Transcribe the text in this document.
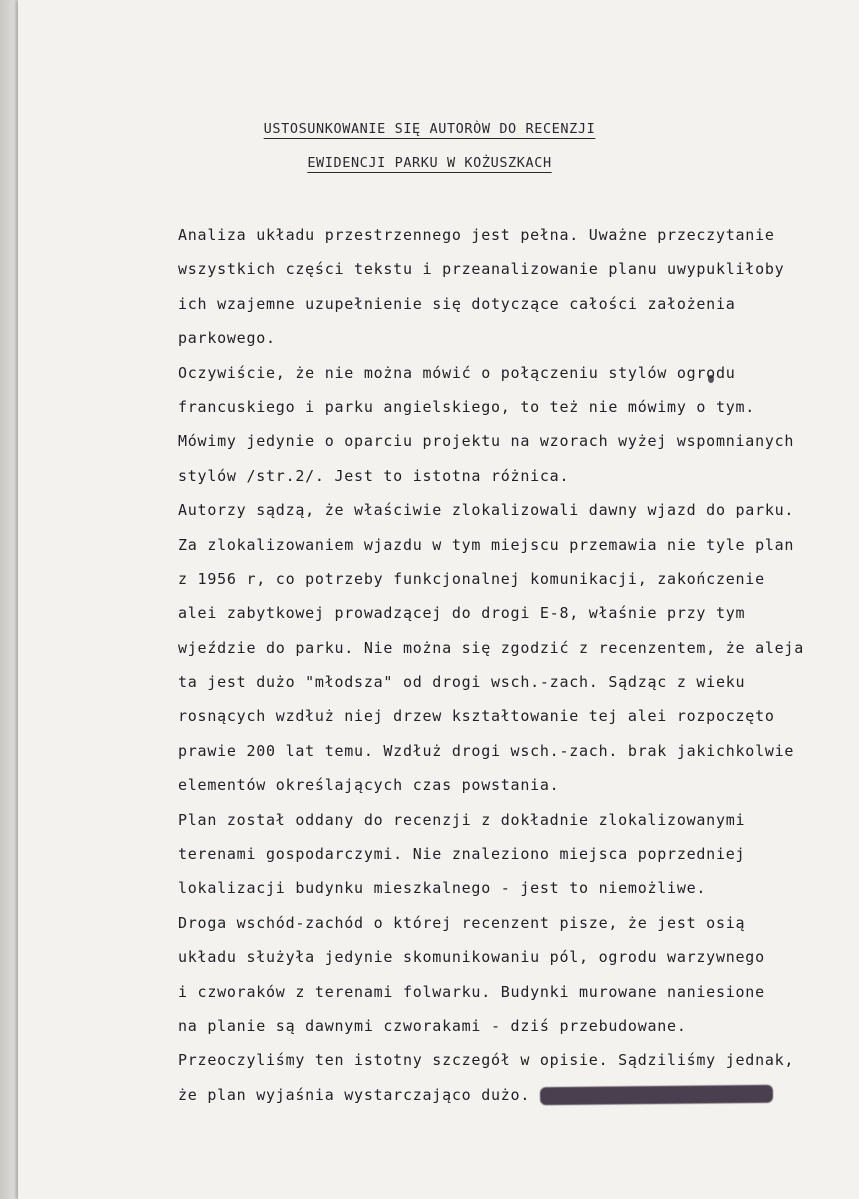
USTOSUNKOWANIE SIĘ AUTORÒW DO RECENZJI
EWIDENCJI PARKU W KOŻUSZKACH
Analiza układu przestrzennego jest pełna. Uważne przeczytanie
wszystkich części tekstu i przeanalizowanie planu uwypukliłoby
ich wzajemne uzupełnienie się dotyczące całości założenia
parkowego.
Oczywiście, że nie można mówić o połączeniu stylów ogrodu
francuskiego i parku angielskiego, to też nie mówimy o tym.
Mówimy jedynie o oparciu projektu na wzorach wyżej wspomnianych
stylów /str.2/. Jest to istotna różnica.
Autorzy sądzą, że właściwie zlokalizowali dawny wjazd do parku.
Za zlokalizowaniem wjazdu w tym miejscu przemawia nie tyle plan
z 1956 r, co potrzeby funkcjonalnej komunikacji, zakończenie
alei zabytkowej prowadzącej do drogi E-8, właśnie przy tym
wjeździe do parku. Nie można się zgodzić z recenzentem, że aleja
ta jest dużo "młodsza" od drogi wsch.-zach. Sądząc z wieku
rosnących wzdłuż niej drzew kształtowanie tej alei rozpoczęto
prawie 200 lat temu. Wzdłuż drogi wsch.-zach. brak jakichkolwie
elementów określających czas powstania.
Plan został oddany do recenzji z dokładnie zlokalizowanymi
terenami gospodarczymi. Nie znaleziono miejsca poprzedniej
lokalizacji budynku mieszkalnego - jest to niemożliwe.
Droga wschód-zachód o której recenzent pisze, że jest osią
układu służyła jedynie skomunikowaniu pól, ogrodu warzywnego
i czworaków z terenami folwarku. Budynki murowane naniesione
na planie są dawnymi czworakami - dziś przebudowane.
Przeoczyliśmy ten istotny szczegół w opisie. Sądziliśmy jednak,
że plan wyjaśnia wystarczająco dużo. Był to nasz błąd, który
